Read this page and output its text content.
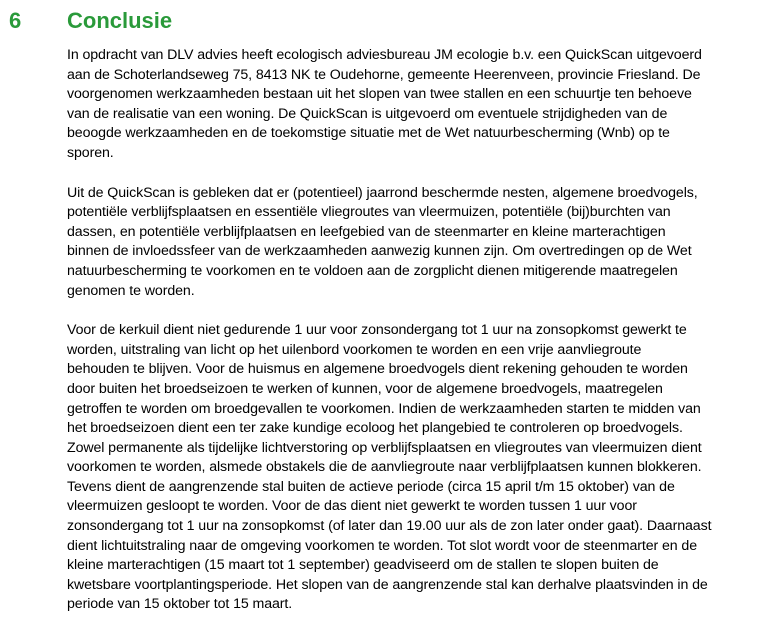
6 Conclusie

In opdracht van DLV advies heeft ecologisch adviesbureau JM ecologie b.v. een QuickScan uitgevoerd
aan de Schoterlandseweg 75, 8413 NK te Oudehorne, gemeente Heerenveen, provincie Friesland. De
voorgenomen werkzaamheden bestaan uit het slopen van twee stallen en een schuurtje ten behoeve
van de realisatie van een woning. De QuickScan is uitgevoerd om eventuele strijdigheden van de
beoogde werkzaamheden en de toekomstige situatie met de Wet natuurbescherming (Wnb) op te
sporen.

Uit de QuickScan is gebleken dat er (potentieel) jaarrond beschermde nesten, algemene broedvogels,
potentiële verblijfsplaatsen en essentiële vliegroutes van vleermuizen, potentiële (bij)burchten van
dassen, en potentiële verblijfplaatsen en leefgebied van de steenmarter en kleine marterachtigen
binnen de invloedssfeer van de werkzaamheden aanwezig kunnen zijn. Om overtredingen op de Wet
natuurbescherming te voorkomen en te voldoen aan de zorgplicht dienen mitigerende maatregelen
genomen te worden.

Voor de kerkuil dient niet gedurende 1 uur voor zonsondergang tot 1 uur na zonsopkomst gewerkt te
worden, uitstraling van licht op het uilenbord voorkomen te worden en een vrije aanvliegroute
behouden te blijven. Voor de huismus en algemene broedvogels dient rekening gehouden te worden
door buiten het broedseizoen te werken of kunnen, voor de algemene broedvogels, maatregelen
getroffen te worden om broedgevallen te voorkomen. Indien de werkzaamheden starten te midden van
het broedseizoen dient een ter zake kundige ecoloog het plangebied te controleren op broedvogels.
Zowel permanente als tijdelijke lichtverstoring op verblijfsplaatsen en vliegroutes van vleermuizen dient
voorkomen te worden, alsmede obstakels die de aanvliegroute naar verblijfplaatsen kunnen blokkeren.
Tevens dient de aangrenzende stal buiten de actieve periode (circa 15 april t/m 15 oktober) van de
vleermuizen gesloopt te worden. Voor de das dient niet gewerkt te worden tussen 1 uur voor
zonsondergang tot 1 uur na zonsopkomst (of later dan 19.00 uur als de zon later onder gaat). Daarnaast
dient lichtuitstraling naar de omgeving voorkomen te worden. Tot slot wordt voor de steenmarter en de
kleine marterachtigen (15 maart tot 1 september) geadviseerd om de stallen te slopen buiten de
kwetsbare voortplantingsperiode. Het slopen van de aangrenzende stal kan derhalve plaatsvinden in de
periode van 15 oktober tot 15 maart.
